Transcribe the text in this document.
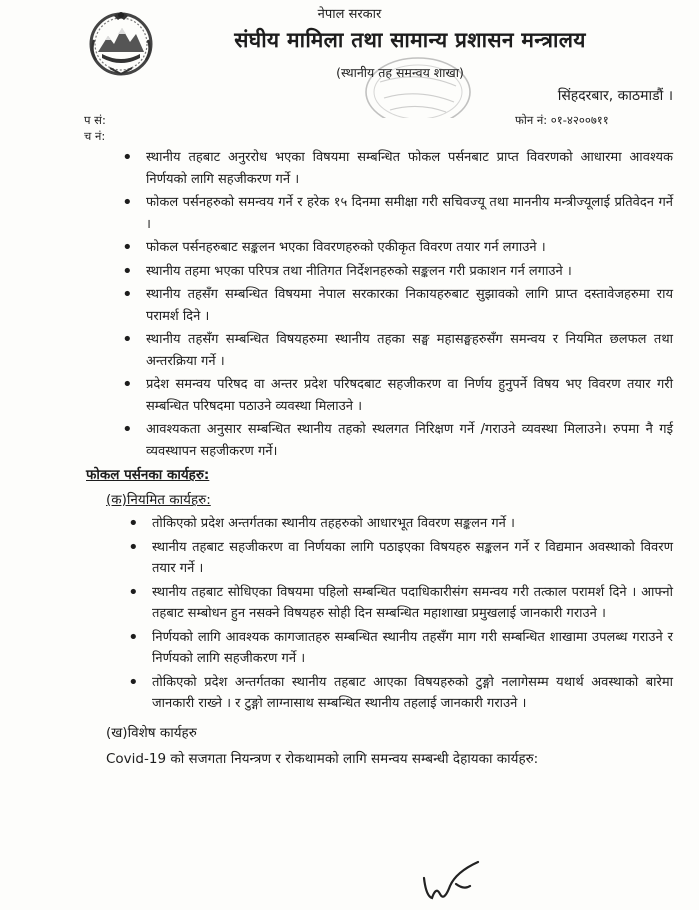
नेपाल सरकार
संघीय मामिला तथा सामान्य प्रशासन मन्त्रालय
(स्थानीय तह समन्वय शाखा)
सिंहदरबार, काठमाडौं ।
प सं:
च नं:
फोन नं: ०१-४२००७११
• स्थानीय तहबाट अनुररोध भएका विषयमा सम्बन्धित फोकल पर्सनबाट प्राप्त विवरणको आधारमा आवश्यक निर्णयको लागि सहजीकरण गर्ने ।
• फोकल पर्सनहरुको समन्वय गर्ने र हरेक १५ दिनमा समीक्षा गरी सचिवज्यू तथा माननीय मन्त्रीज्यूलाई प्रतिवेदन गर्ने ।
• फोकल पर्सनहरुबाट सङ्कलन भएका विवरणहरुको एकीकृत विवरण तयार गर्न लगाउने ।
• स्थानीय तहमा भएका परिपत्र तथा नीतिगत निर्देशनहरुको सङ्कलन गरी प्रकाशन गर्न लगाउने ।
• स्थानीय तहसँग सम्बन्धित विषयमा नेपाल सरकारका निकायहरुबाट सुझावको लागि प्राप्त दस्तावेजहरुमा राय परामर्श दिने ।
• स्थानीय तहसँग सम्बन्धित विषयहरुमा स्थानीय तहका सङ्घ महासङ्घहरुसँग समन्वय र नियमित छलफल तथा अन्तरक्रिया गर्ने ।
• प्रदेश समन्वय परिषद वा अन्तर प्रदेश परिषदबाट सहजीकरण वा निर्णय हुनुपर्ने विषय भए विवरण तयार गरी सम्बन्धित परिषदमा पठाउने व्यवस्था मिलाउने ।
• आवश्यकता अनुसार सम्बन्धित स्थानीय तहको स्थलगत निरिक्षण गर्ने /गराउने व्यवस्था मिलाउने। रुपमा नै गई व्यवस्थापन सहजीकरण गर्ने।
फोकल पर्सनका कार्यहरु:
(क)नियमित कार्यहरु:
• तोकिएको प्रदेश अन्तर्गतका स्थानीय तहहरुको आधारभूत विवरण सङ्कलन गर्ने ।
• स्थानीय तहबाट सहजीकरण वा निर्णयका लागि पठाइएका विषयहरु सङ्कलन गर्ने र विद्यमान अवस्थाको विवरण तयार गर्ने ।
• स्थानीय तहबाट सोधिएका विषयमा पहिलो सम्बन्धित पदाधिकारीसंग समन्वय गरी तत्काल परामर्श दिने । आफ्नो तहबाट सम्बोधन हुन नसक्ने विषयहरु सोही दिन सम्बन्धित महाशाखा प्रमुखलाई जानकारी गराउने ।
• निर्णयको लागि आवश्यक कागजातहरु सम्बन्धित स्थानीय तहसँग माग गरी सम्बन्धित शाखामा उपलब्ध गराउने र निर्णयको लागि सहजीकरण गर्ने ।
• तोकिएको प्रदेश अन्तर्गतका स्थानीय तहबाट आएका विषयहरुको टुङ्गो नलागेसम्म यथार्थ अवस्थाको बारेमा जानकारी राख्ने । र टुङ्गो लाग्नासाथ सम्बन्धित स्थानीय तहलाई जानकारी गराउने ।
(ख)विशेष कार्यहरु
Covid-19 को सजगता नियन्त्रण र रोकथामको लागि समन्वय सम्बन्धी देहायका कार्यहरु:
